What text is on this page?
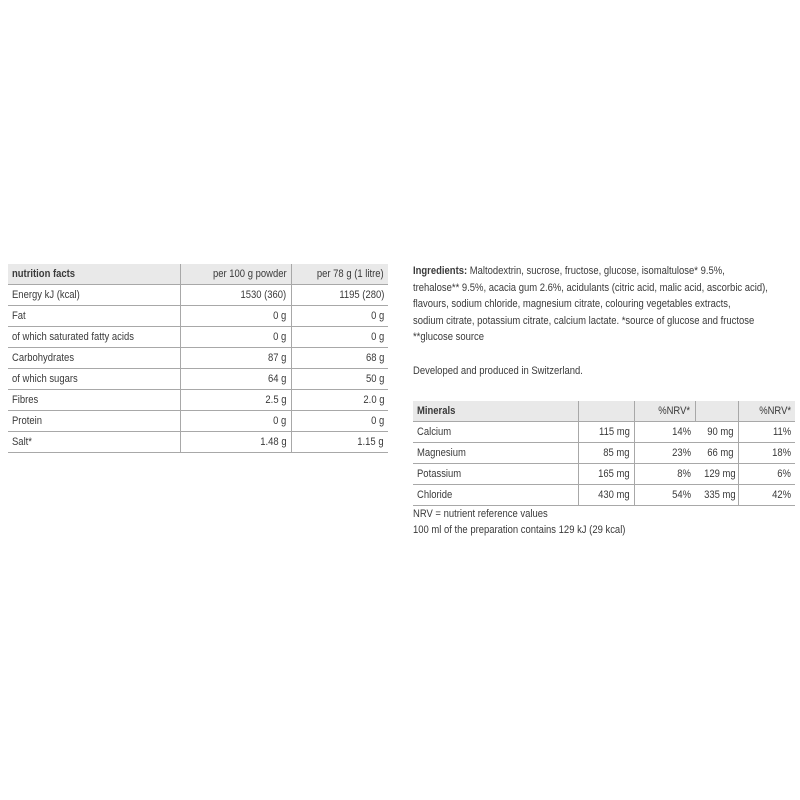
nutrition facts	per 100 g powder	per 78 g (1 litre)
Energy kJ (kcal)	1530 (360)	1195 (280)
Fat	0 g	0 g
of which saturated fatty acids	0 g	0 g
Carbohydrates	87 g	68 g
of which sugars	64 g	50 g
Fibres	2.5 g	2.0 g
Protein	0 g	0 g
Salt*	1.48 g	1.15 g
Ingredients: Maltodextrin, sucrose, fructose, glucose, isomaltulose* 9.5%,
trehalose** 9.5%, acacia gum 2.6%, acidulants (citric acid, malic acid, ascorbic acid),
flavours, sodium chloride, magnesium citrate, colouring vegetables extracts,
sodium citrate, potassium citrate, calcium lactate. *source of glucose and fructose
**glucose source
Developed and produced in Switzerland.
Minerals		%NRV*		%NRV*
Calcium	115 mg	14%	90 mg	11%
Magnesium	85 mg	23%	66 mg	18%
Potassium	165 mg	8%	129 mg	6%
Chloride	430 mg	54%	335 mg	42%
NRV = nutrient reference values
100 ml of the preparation contains 129 kJ (29 kcal)
